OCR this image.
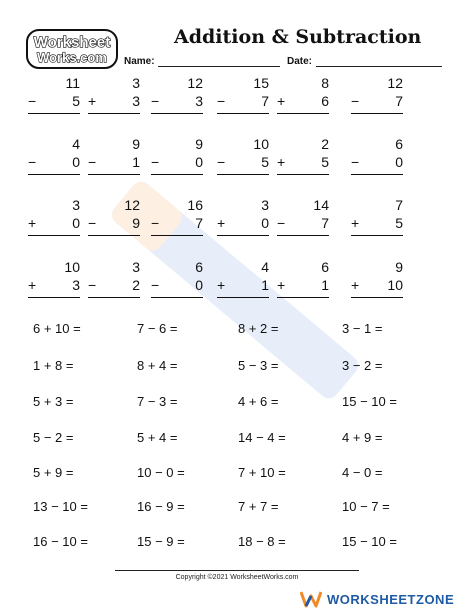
Worksheet
Works.com
Addition & Subtraction
Name:	Date:
11
−	5
3
+	3
12
−	3
15
−	7
8
+	6
12
−	7
4
−	0
9
−	1
9
−	0
10
−	5
2
+	5
6
−	0
3
+	0
12
−	9
16
−	7
3
+	0
14
−	7
7
+	5
10
+	3
3
−	2
6
−	0
4
+	1
6
+	1
9
+ 10
6 + 10 =	7 − 6 =	8 + 2 =	3 − 1 =
1 + 8 =	8 + 4 =	5 − 3 =	3 − 2 =
5 + 3 =	7 − 3 =	4 + 6 =	15 − 10 =
5 − 2 =	5 + 4 =	14 − 4 =	4 + 9 =
5 + 9 =	10 − 0 =	7 + 10 =	4 − 0 =
13 − 10 =	16 − 9 =	7 + 7 =	10 − 7 =
16 − 10 =	15 − 9 =	18 − 8 =	15 − 10 =
Copyright ©2021 WorksheetWorks.com
WORKSHEETZONE
